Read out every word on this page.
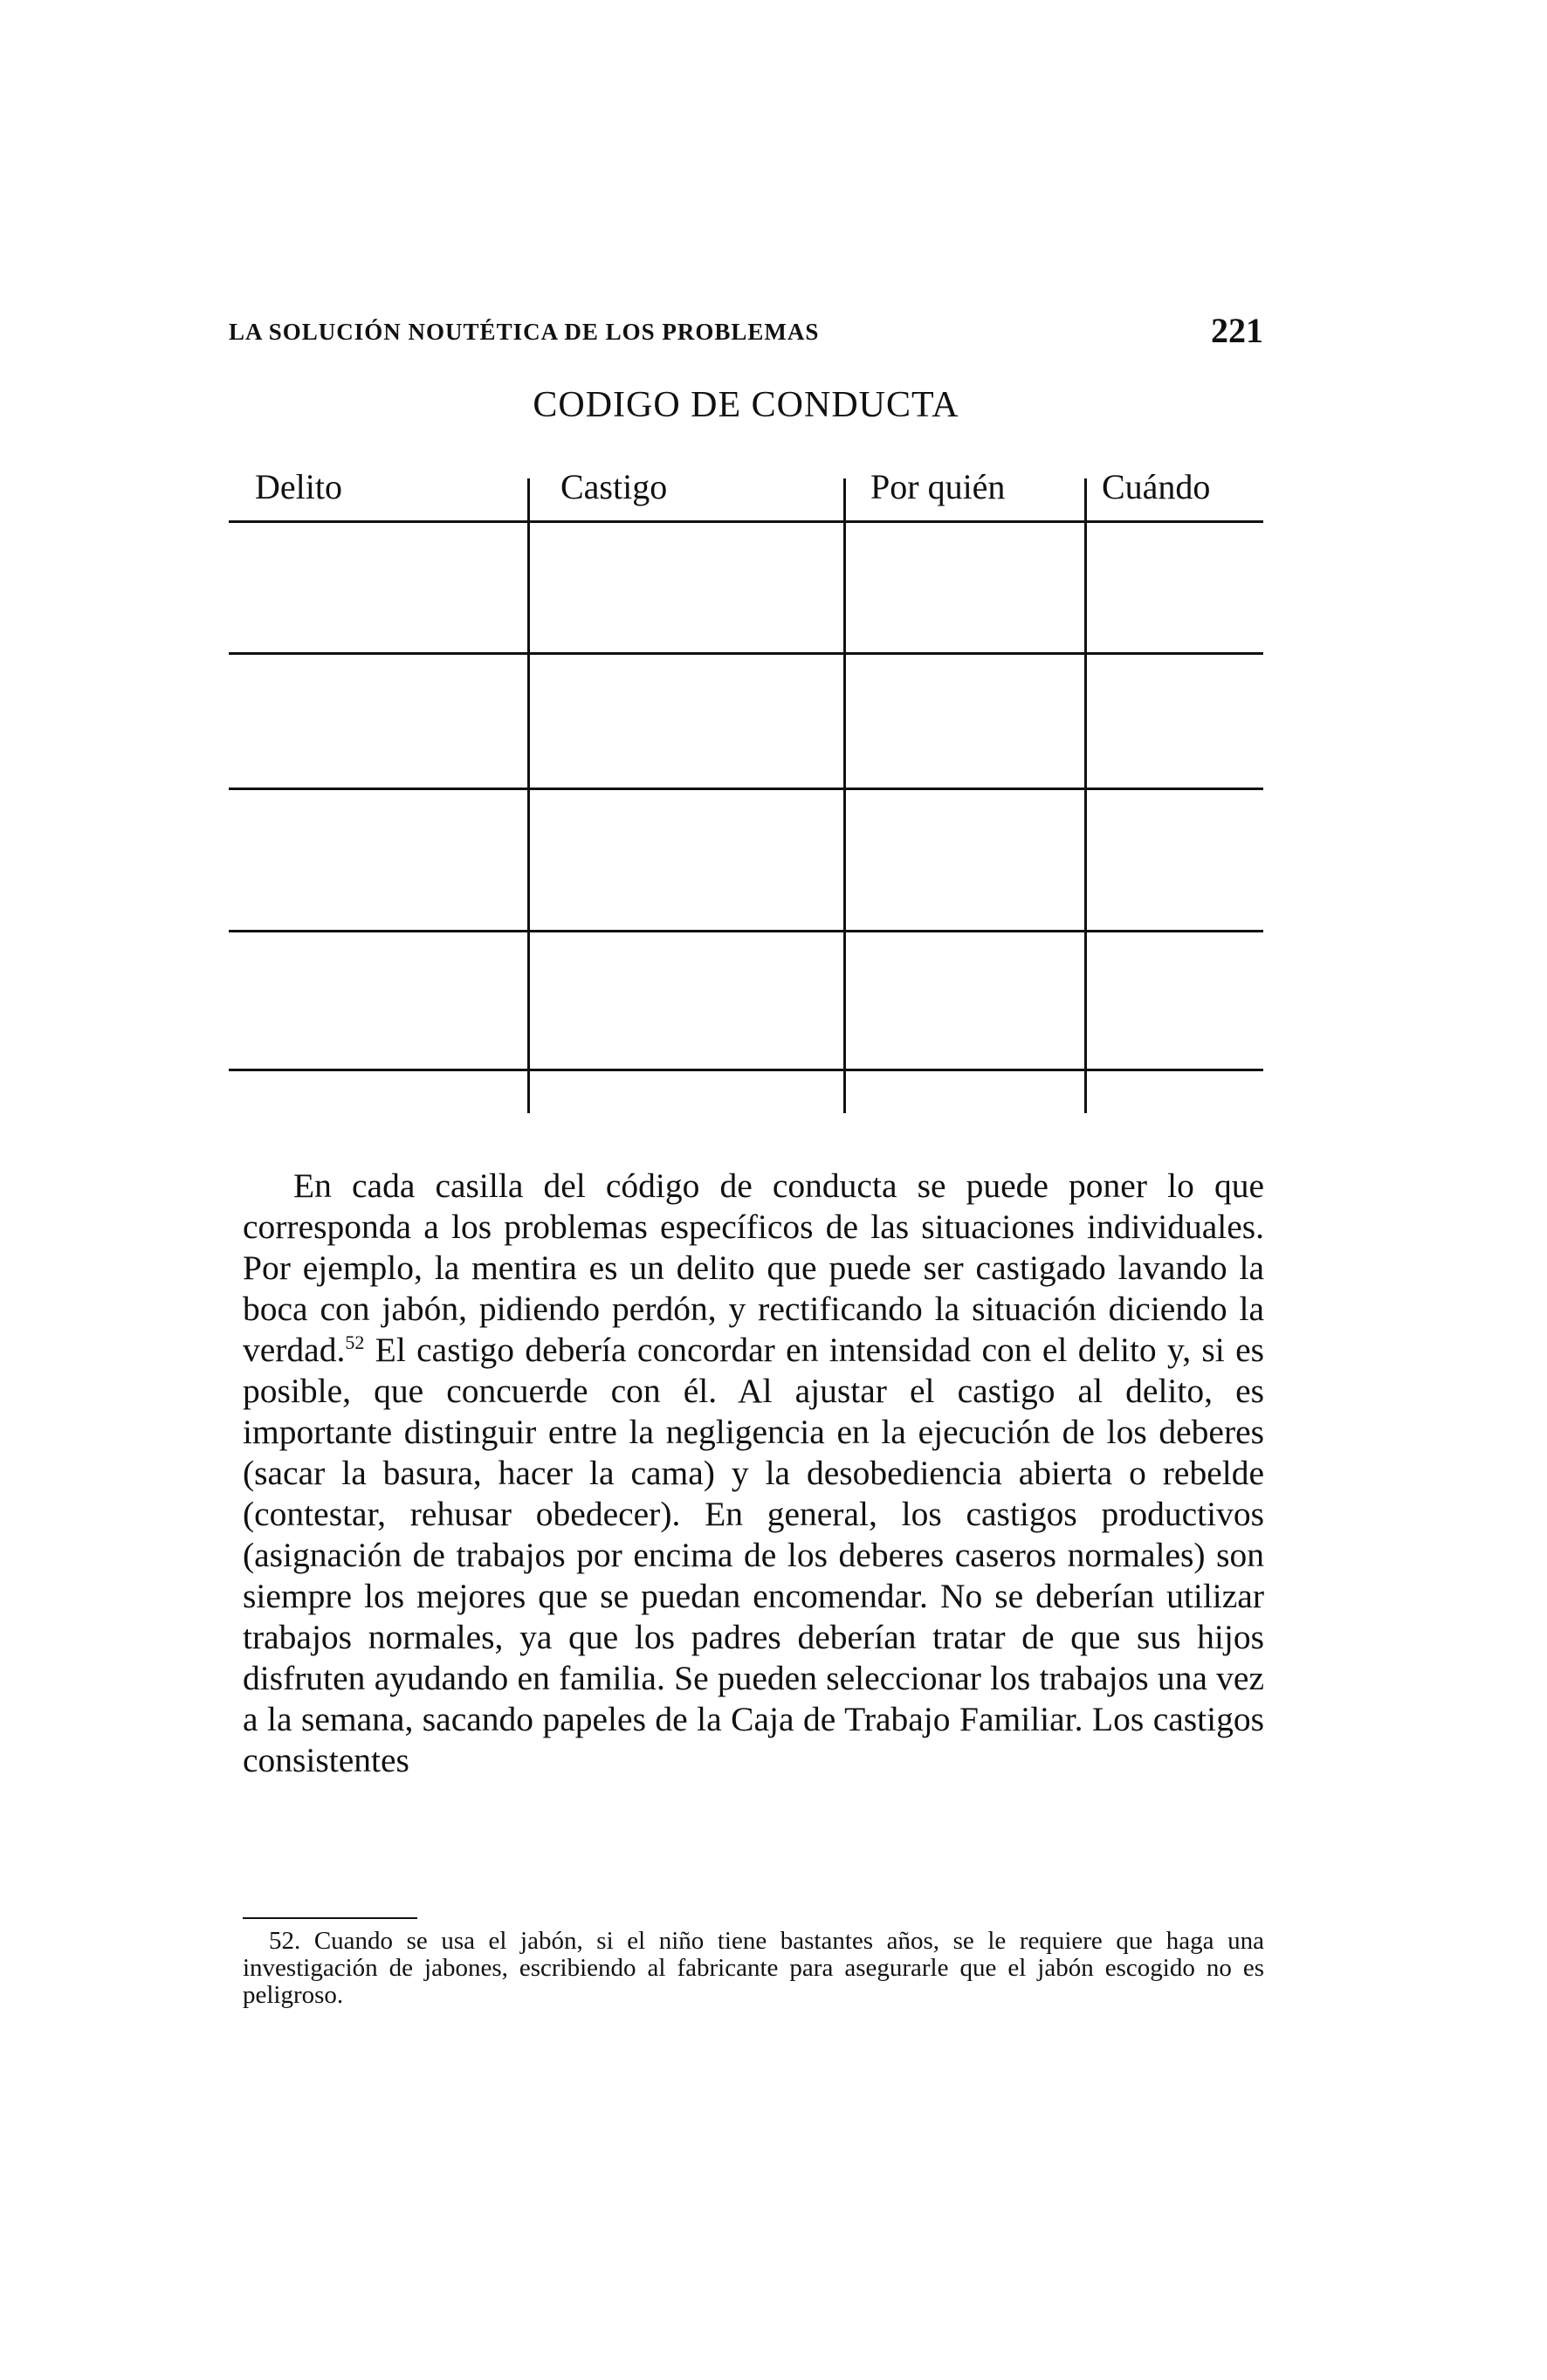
LA SOLUCIÓN NOUTÉTICA DE LOS PROBLEMAS	221
CODIGO DE CONDUCTA
Delito	Castigo	Por quién	Cuándo

En cada casilla del código de conducta se puede poner lo que corresponda a los problemas específicos de las situaciones individuales. Por ejemplo, la mentira es un delito que puede ser castigado lavando la boca con jabón, pidiendo perdón, y rectificando la situación diciendo la verdad.$^{52}$ El castigo debería concordar en intensidad con el delito y, si es posible, que concuerde con él. Al ajustar el castigo al delito, es importante distinguir entre la negligencia en la ejecución de los deberes (sacar la basura, hacer la cama) y la desobediencia abierta o rebelde (contestar, rehusar obedecer). En general, los castigos productivos (asignación de trabajos por encima de los deberes caseros normales) son siempre los mejores que se puedan encomendar. No se deberían utilizar trabajos normales, ya que los padres deberían tratar de que sus hijos disfruten ayudando en familia. Se pueden seleccionar los trabajos una vez a la semana, sacando papeles de la Caja de Trabajo Familiar. Los castigos consistentes

52. Cuando se usa el jabón, si el niño tiene bastantes años, se le requiere que haga una investigación de jabones, escribiendo al fabricante para asegurarle que el jabón escogido no es peligroso.
